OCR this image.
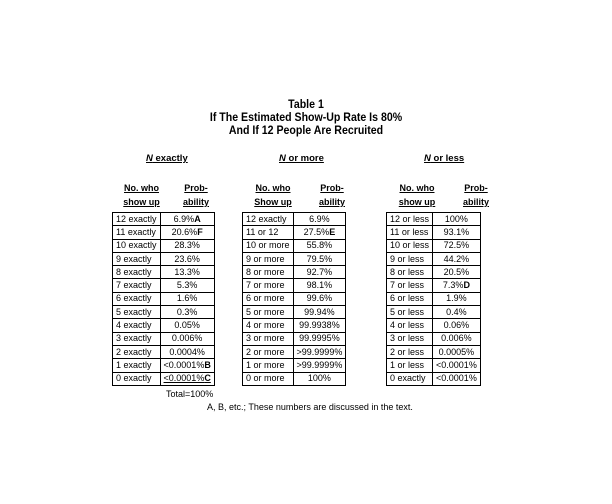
Table 1
If The Estimated Show-Up Rate Is 80%
And If 12 People Are Recruited
N exactly
No. who
show up
Prob-
ability
12 exactly	6.9%A
11 exactly	20.6%F
10 exactly	28.3%
9 exactly	23.6%
8 exactly	13.3%
7 exactly	5.3%
6 exactly	1.6%
5 exactly	0.3%
4 exactly	0.05%
3 exactly	0.006%
2 exactly	0.0004%
1 exactly	<0.0001%B
0 exactly	<0.0001%C
N or more
No. who
Show up
Prob-
ability
12 exactly	6.9%
11 or 12	27.5%E
10 or more	55.8%
9 or more	79.5%
8 or more	92.7%
7 or more	98.1%
6 or more	99.6%
5 or more	99.94%
4 or more	99.9938%
3 or more	99.9995%
2 or more	>99.9999%
1 or more	>99.9999%
0 or more	100%
N or less
No. who
show up
Prob-
ability
12 or less	100%
11 or less	93.1%
10 or less	72.5%
9 or less	44.2%
8 or less	20.5%
7 or less	7.3%D
6 or less	1.9%
5 or less	0.4%
4 or less	0.06%
3 or less	0.006%
2 or less	0.0005%
1 or less	<0.0001%
0 exactly	<0.0001%
Total=100%
A, B, etc.; These numbers are discussed in the text.
